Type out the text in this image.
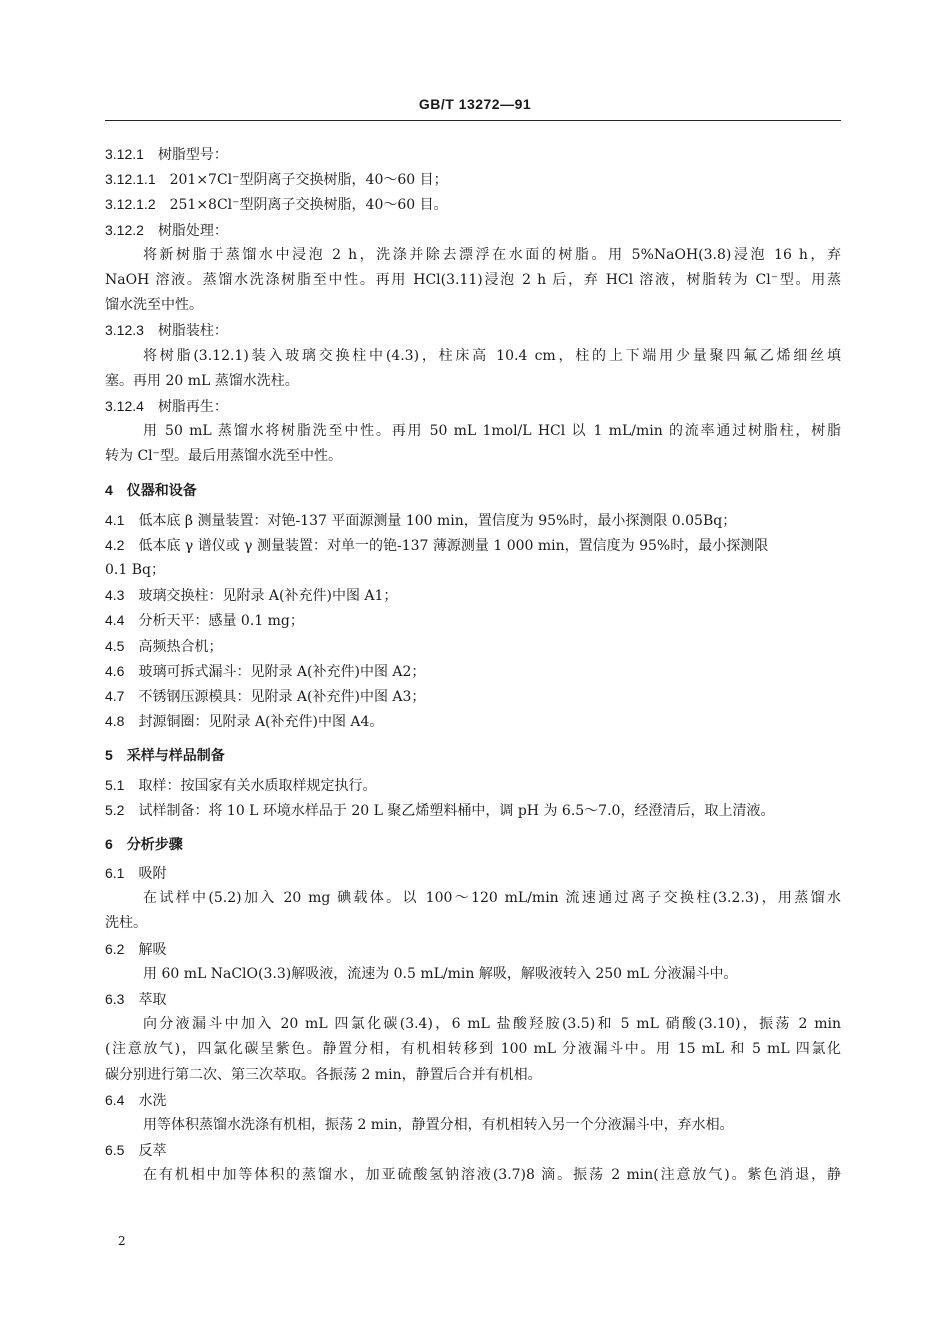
GB/T 13272—91
3.12.1 树脂型号：
3.12.1.1 201×7Cl⁻型阴离子交换树脂，40～60 目；
3.12.1.2 251×8Cl⁻型阴离子交换树脂，40～60 目。
3.12.2 树脂处理：
将新树脂于蒸馏水中浸泡 2 h，洗涤并除去漂浮在水面的树脂。用 5%NaOH(3.8)浸泡 16 h，弃
NaOH 溶液。蒸馏水洗涤树脂至中性。再用 HCl(3.11)浸泡 2 h 后，弃 HCl 溶液，树脂转为 Cl⁻型。用蒸
馏水洗至中性。
3.12.3 树脂装柱：
将树脂(3.12.1)装入玻璃交换柱中(4.3)，柱床高 10.4 cm，柱的上下端用少量聚四氟乙烯细丝填
塞。再用 20 mL 蒸馏水洗柱。
3.12.4 树脂再生：
用 50 mL 蒸馏水将树脂洗至中性。再用 50 mL 1mol/L HCl 以 1 mL/min 的流率通过树脂柱，树脂
转为 Cl⁻型。最后用蒸馏水洗至中性。
4 仪器和设备
4.1 低本底 β 测量装置：对铯-137 平面源测量 100 min，置信度为 95%时，最小探测限 0.05Bq；
4.2 低本底 γ 谱仪或 γ 测量装置：对单一的铯-137 薄源测量 1 000 min，置信度为 95%时，最小探测限
0.1 Bq；
4.3 玻璃交换柱：见附录 A(补充件)中图 A1；
4.4 分析天平：感量 0.1 mg；
4.5 高频热合机；
4.6 玻璃可拆式漏斗：见附录 A(补充件)中图 A2；
4.7 不锈钢压源模具：见附录 A(补充件)中图 A3；
4.8 封源铜圈：见附录 A(补充件)中图 A4。
5 采样与样品制备
5.1 取样：按国家有关水质取样规定执行。
5.2 试样制备：将 10 L 环境水样品于 20 L 聚乙烯塑料桶中，调 pH 为 6.5～7.0，经澄清后，取上清液。
6 分析步骤
6.1 吸附
在试样中(5.2)加入 20 mg 碘载体。以 100～120 mL/min 流速通过离子交换柱(3.2.3)，用蒸馏水
洗柱。
6.2 解吸
用 60 mL NaClO(3.3)解吸液，流速为 0.5 mL/min 解吸，解吸液转入 250 mL 分液漏斗中。
6.3 萃取
向分液漏斗中加入 20 mL 四氯化碳(3.4)，6 mL 盐酸羟胺(3.5)和 5 mL 硝酸(3.10)，振荡 2 min
(注意放气)，四氯化碳呈紫色。静置分相，有机相转移到 100 mL 分液漏斗中。用 15 mL 和 5 mL 四氯化
碳分别进行第二次、第三次萃取。各振荡 2 min，静置后合并有机相。
6.4 水洗
用等体积蒸馏水洗涤有机相，振荡 2 min，静置分相，有机相转入另一个分液漏斗中，弃水相。
6.5 反萃
在有机相中加等体积的蒸馏水，加亚硫酸氢钠溶液(3.7)8 滴。振荡 2 min(注意放气)。紫色消退，静
2
